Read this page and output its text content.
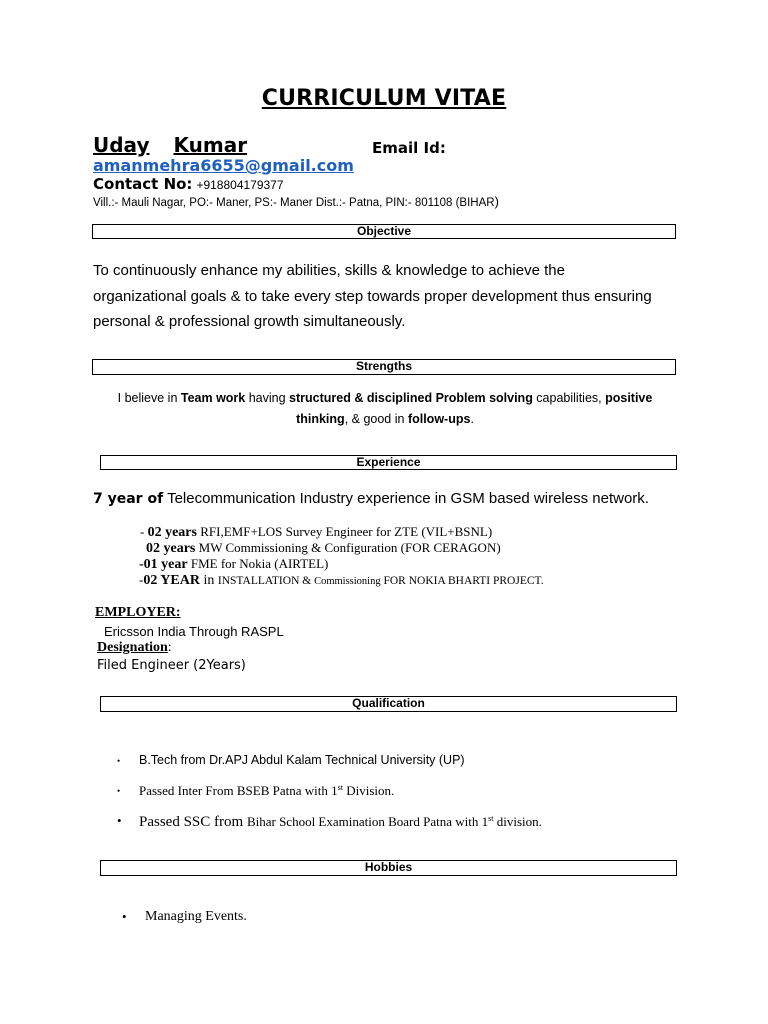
CURRICULUM VITAE
Uday Kumar	Email Id:
amanmehra6655@gmail.com
Contact No: +918804179377
Vill.:- Mauli Nagar, PO:- Maner, PS:- Maner Dist.:- Patna, PIN:- 801108 (BIHAR)
Objective
To continuously enhance my abilities, skills & knowledge to achieve the
organizational goals & to take every step towards proper development thus ensuring
personal & professional growth simultaneously.
Strengths
I believe in Team work having structured & disciplined Problem solving capabilities, positive
thinking, & good in follow-ups.
Experience
7 year of Telecommunication Industry experience in GSM based wireless network.
- 02 years RFI,EMF+LOS Survey Engineer for ZTE (VIL+BSNL)
02 years MW Commissioning & Configuration (FOR CERAGON)
-01 year FME for Nokia (AIRTEL)
-02 YEAR in INSTALLATION & Commissioning FOR NOKIA BHARTI PROJECT.
EMPLOYER:
Ericsson India Through RASPL
Designation:
Filed Engineer (2Years)
Qualification
• B.Tech from Dr.APJ Abdul Kalam Technical University (UP)
• Passed Inter From BSEB Patna with 1st Division.
• Passed SSC from Bihar School Examination Board Patna with 1st division.
Hobbies
• Managing Events.
